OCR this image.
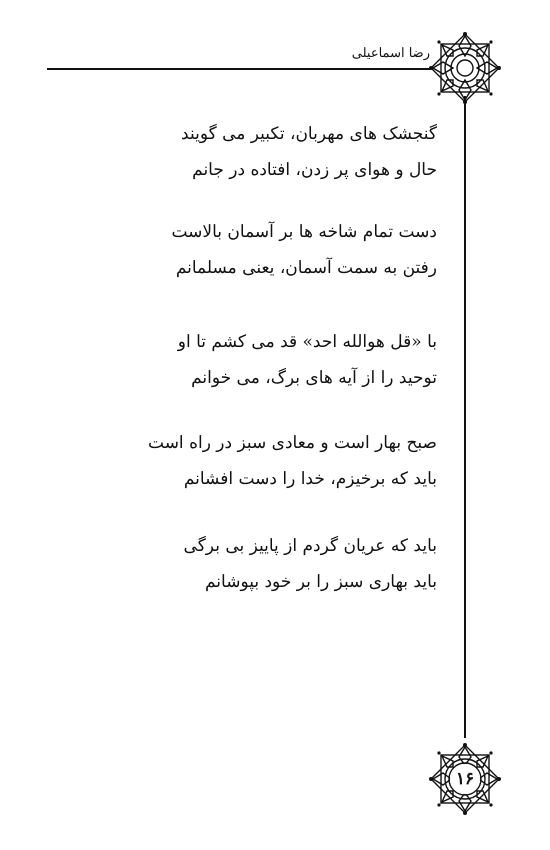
رضا اسماعیلی
گنجشک های مهربان، تکبیر می گویند
حال و هوای پر زدن، افتاده در جانم
دست تمام شاخه ها بر آسمان بالاست
رفتن به سمت آسمان، یعنی مسلمانم
با «قل هوالله احد» قد می کشم تا او
توحید را از آیه های برگ، می خوانم
صبح بهار است و معادی سبز در راه است
باید که برخیزم، خدا را دست افشانم
باید که عریان گردم از پاییز بی برگی
باید بهاری سبز را بر خود بپوشانم
۱۶
